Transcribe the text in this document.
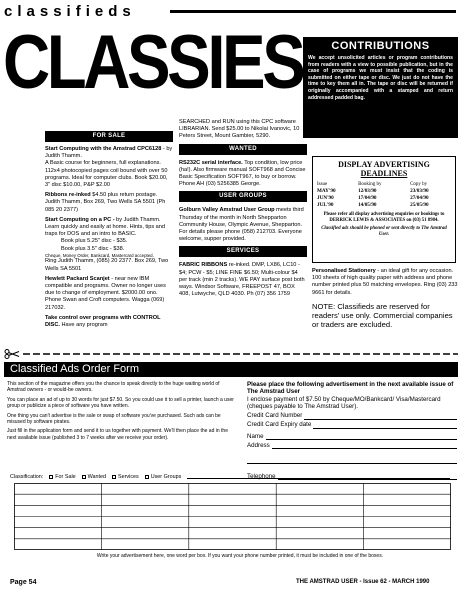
classifieds
CLASSIES	CONTRIBUTIONS
We accept unsolicited articles or program contributions from readers with a view to possible publication, but in the case of programs we must insist that the coding is submitted on either tape or disc. We just do not have the time to key them all in. The tape or disc will be returned if originally accompanied with a stamped and return addressed padded bag.
FOR SALE

Start Computing with the Amstrad CPC6128 - by Judith Thamm.
A Basic course for beginners, full explanations. 112x4 photocopied pages coil bound with over 50 programs. Ideal for computer clubs. Book $20.00, 3" disc $10.00, P&P $2.00

Ribbons re-inked $4.50 plus return postage. Judith Thamm, Box 269, Two Wells SA 5501 (Ph 085 20 2377)

Start Computing on a PC - by Judith Thamm. Learn quickly and easily at home. Hints, tips and traps for DOS and an intro to BASIC.

Book plus 5.25" disc - $35.
Book plus 3.5" disc - $38.
Cheque, Money Order, Bankcard, Mastercard accepted.

Ring Judith Thamm, (085) 20 2377. Box 269, Two Wells SA 5501

Hewlett Packard Scanjet - near new IBM compatible and programs. Owner no longer uses due to change of employment. $2000.00 ono. Phone Swan and Croft computers. Wagga (069) 217032.

Take control over programs with CONTROL DISC. Have any program

SEARCHED and RUN using this CPC software LIBRARIAN. Send $25.00 to Nikolai Ivanovic, 10 Peters Street, Mount Gambier, 5290.

WANTED

RS232C serial interface. Top condition, low price (ha!). Also firmware manual SOFT968 and Concise Basic Specification SOFT967, to buy or borrow. Phone AH (03) 5256385 George.

USER GROUPS

Golburn Valley Amstrad User Group meets third Thursday of the month in North Shepparton Community House, Olympic Avenue, Shepparton. For details please phone (058) 212703. Everyone welcome, supper provided.

SERVICES

FABRIC RIBBONS re-inked. DMP, LX86, LC10 - $4; PCW - $5; LINE FINE $6.50; Multi-colour $4 per track (min 2 tracks). WE PAY surface post both ways. Windsor Software, FREEPOST 47, BOX 408, Lutwyche, QLD 4030. Ph (07) 356 1759

DISPLAY ADVERTISING
DEADLINES
Issue	Booking by	Copy by
MAY'90	12/03/90	23/03/90
JUN'90	17/04/90	27/04/90
JUL'90	14/05/90	25/05/90
Please refer all display advertising enquiries or bookings to DERRICK LEWIS & ASSOCIATES on (03) 51 8984.
Classified ads should be phoned or sent directly to The Amstrad User.

Personalised Stationery - an ideal gift for any occasion. 100 sheets of high quality paper with address and phone number printed plus 50 matching envelopes. Ring (03) 233 9661 for details.

NOTE: Classifieds are reserved for readers' use only. Commercial companies or traders are excluded.

Classified Ads Order Form

This section of the magazine offers you the chance to speak directly to the huge waiting world of Amstrad owners - or would-be owners.

You can place an ad of up to 30 words for just $7.50. So you could use it to sell a printer, launch a user group or publicize a piece of software you have written.

One thing you can't advertise is the sale or swap of software you've purchased. Such ads can be misused by software pirates.

Just fill in the application form and send it to us together with payment. We'll then place the ad in the next available issue (published 3 to 7 weeks after we receive your order).

Please place the following advertisement in the next available issue of The Amstrad User
I enclose payment of $7.50 by Cheque/MO/Bankcard/ Visa/Mastercard (cheques payable to The Amstrad User).
Credit Card Number
Credit Card Expiry date
Name
Address
Telephone
Classification: For Sale Wanted Services User Groups
Write your advertisement here, one word per box. If you want your phone number printed, it must be included in one of the boxes.
Page 54	THE AMSTRAD USER - Issue 62 - MARCH 1990
